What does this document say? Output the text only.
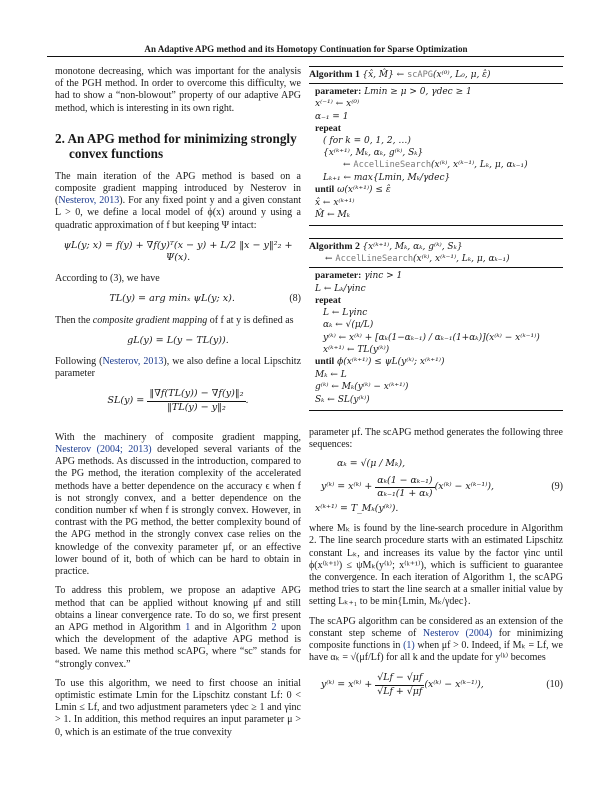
An Adaptive APG method and its Homotopy Continuation for Sparse Optimization

monotone decreasing, which was important for the analysis of the PGH method. In order to overcome this difficulty, we had to show a “non-blowout” property of our adaptive APG method, which is interesting in its own right.

2. An APG method for minimizing strongly
convex functions

The main iteration of the APG method is based on a composite gradient mapping introduced by Nesterov in (Nesterov, 2013). For any fixed point y and a given constant L > 0, we define a local model of ϕ(x) around y using a quadratic approximation of f but keeping Ψ intact:

ψL(y; x) = f(y) + ∇f(y)ᵀ(x − y) + L/2 ‖x − y‖²₂ + Ψ(x).

According to (3), we have

TL(y) = arg minₓ ψL(y; x).	(8)

Then the composite gradient mapping of f at y is defined as

gL(y) = L(y − TL(y)).

Following (Nesterov, 2013), we also define a local Lipschitz parameter

$SL(y) = \frac{\text{‖∇f(TL(y)) − ∇f(y)‖₂}}{\text{‖TL(y) − y‖₂}}$ .

With the machinery of composite gradient mapping, Nesterov (2004; 2013) developed several variants of the APG methods. As discussed in the introduction, compared to the PG method, the iteration complexity of the accelerated methods have a better dependence on the accuracy ϵ when f is not strongly convex, and a better dependence on the condition number κf when f is strongly convex. However, in contrast with the PG method, the better complexity bound of the APG method in the strongly convex case relies on the knowledge of the convexity parameter μf, or an effective lower bound of it, both of which can be hard to obtain in practice.

To address this problem, we propose an adaptive APG method that can be applied without knowing μf and still obtains a linear convergence rate. To do so, we first present an APG method in Algorithm 1 and in Algorithm 2 upon which the development of the adaptive APG method is based. We name this method scAPG, where “sc” stands for “strongly convex.”

To use this algorithm, we need to first choose an initial optimistic estimate Lmin for the Lipschitz constant Lf: 0 < Lmin ≤ Lf, and two adjustment parameters γdec ≥ 1 and γinc > 1. In addition, this method requires an input parameter μ > 0, which is an estimate of the true convexity

Algorithm 1 {x̂, M̂} ← scAPG(x⁽⁰⁾, L₀, μ, ε̂)
parameter: Lmin ≥ μ > 0, γdec ≥ 1
x⁽⁻¹⁾ ← x⁽⁰⁾
α₋₁ = 1
repeat
( for k = 0, 1, 2, …)
{x⁽ᵏ⁺¹⁾, Mₖ, αₖ, g⁽ᵏ⁾, Sₖ}
← AccelLineSearch(x⁽ᵏ⁾, x⁽ᵏ⁻¹⁾, Lₖ, μ, αₖ₋₁)
Lₖ₊₁ ← max{Lmin, Mₖ/γdec}
until ω(x⁽ᵏ⁺¹⁾) ≤ ε̂
x̂ ← x⁽ᵏ⁺¹⁾
M̂ ← Mₖ
Algorithm 2 {x⁽ᵏ⁺¹⁾, Mₖ, αₖ, g⁽ᵏ⁾, Sₖ}
← AccelLineSearch(x⁽ᵏ⁾, x⁽ᵏ⁻¹⁾, Lₖ, μ, αₖ₋₁)
parameter: γinc > 1
L ← Lₖ/γinc
repeat
L ← Lγinc
αₖ ← √(μ/L)
y⁽ᵏ⁾ ← x⁽ᵏ⁾ + [αₖ(1−αₖ₋₁) / αₖ₋₁(1+αₖ)](x⁽ᵏ⁾ − x⁽ᵏ⁻¹⁾)
x⁽ᵏ⁺¹⁾ ← TL(y⁽ᵏ⁾)
until ϕ(x⁽ᵏ⁺¹⁾) ≤ ψL(y⁽ᵏ⁾; x⁽ᵏ⁺¹⁾)
Mₖ ← L
g⁽ᵏ⁾ ← Mₖ(y⁽ᵏ⁾ − x⁽ᵏ⁺¹⁾)
Sₖ ← SL(y⁽ᵏ⁾)

parameter μf. The scAPG method generates the following three sequences:

αₖ = √(μ / Mₖ),
y⁽ᵏ⁾ = x⁽ᵏ⁾ +
$\frac{\text{αₖ(1 − αₖ₋₁)}}{\text{αₖ₋₁(1 + αₖ)}}$ (x⁽ᵏ⁾ − x⁽ᵏ⁻¹⁾),	(9)
x⁽ᵏ⁺¹⁾ = T_Mₖ(y⁽ᵏ⁾).

where Mₖ is found by the line-search procedure in Algorithm 2. The line search procedure starts with an estimated Lipschitz constant Lₖ, and increases its value by the factor γinc until ϕ(x⁽ᵏ⁺¹⁾) ≤ ψMₖ(y⁽ᵏ⁾; x⁽ᵏ⁺¹⁾), which is sufficient to guarantee the convergence. In each iteration of Algorithm 1, the scAPG method tries to start the line search at a smaller initial value by setting Lₖ₊₁ to be min{Lmin, Mₖ/γdec}.

The scAPG algorithm can be considered as an extension of the constant step scheme of Nesterov (2004) for minimizing composite functions in (1) when μf > 0. Indeed, if Mₖ = Lf, we have αₖ = √(μf/Lf) for all k and the update for y⁽ᵏ⁾ becomes

y⁽ᵏ⁾ = x⁽ᵏ⁾ +
$\frac{√Lf - √\mu f}{√Lf + √\mu f}$ (x⁽ᵏ⁾ − x⁽ᵏ⁻¹⁾),	(10)
